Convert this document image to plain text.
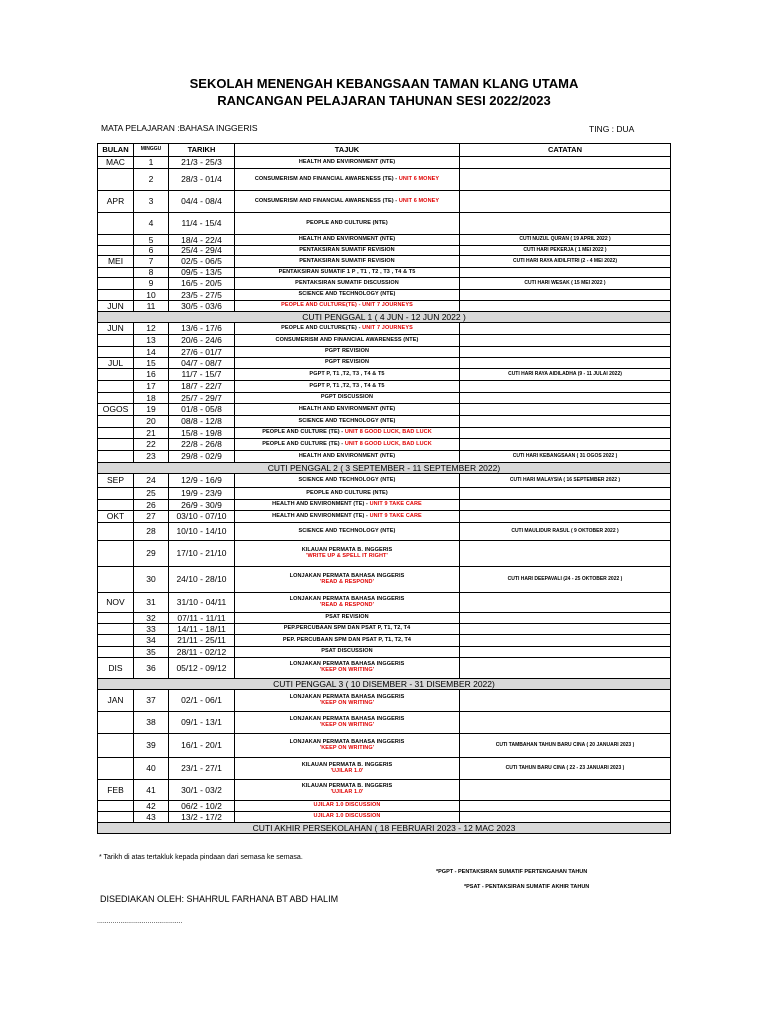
SEKOLAH MENENGAH KEBANGSAAN TAMAN KLANG UTAMA
RANCANGAN PELAJARAN TAHUNAN SESI 2022/2023
MATA PELAJARAN :BAHASA INGGERIS	TING : DUA
BULAN	MINGGU	TARIKH	TAJUK	CATATAN
MAC	1	21/3 - 25/3	HEALTH AND ENVIRONMENT (NTE)	
	2	28/3 - 01/4	CONSUMERISM AND FINANCIAL AWARENESS (TE) - UNIT 6 MONEY	
APR	3	04/4 - 08/4	CONSUMERISM AND FINANCIAL AWARENESS (TE) - UNIT 6 MONEY	
	4	11/4 - 15/4	PEOPLE AND CULTURE (NTE)	
	5	18/4 - 22/4	HEALTH AND ENVIRONMENT (NTE)	CUTI NUZUL QURAN ( 19 APRIL 2022 )
	6	25/4 - 29/4	PENTAKSIRAN SUMATIF REVISION	CUTI HARI PEKERJA ( 1 MEI 2022 )
MEI	7	02/5 - 06/5	PENTAKSIRAN SUMATIF REVISION	CUTI HARI RAYA AIDILFITRI (2 - 4 MEI 2022)
	8	09/5 - 13/5	PENTAKSIRAN SUMATIF 1 P , T1 , T2 , T3 , T4 & T5	
	9	16/5 - 20/5	PENTAKSIRAN SUMATIF DISCUSSION	CUTI HARI WESAK ( 15 MEI 2022 )
	10	23/5 - 27/5	SCIENCE AND TECHNOLOGY (NTE)	
JUN	11	30/5 - 03/6	PEOPLE AND CULTURE(TE) - UNIT 7 JOURNEYS	
CUTI PENGGAL 1 ( 4 JUN - 12 JUN 2022 )				
JUN	12	13/6 - 17/6	PEOPLE AND CULTURE(TE) - UNIT 7 JOURNEYS	
	13	20/6 - 24/6	CONSUMERISM AND FINANCIAL AWARENESS (NTE)	
	14	27/6 - 01/7	PGPT REVISION	
JUL	15	04/7 - 08/7	PGPT REVISION	
	16	11/7 - 15/7	PGPT P, T1 ,T2, T3 , T4 & T5	CUTI HARI RAYA AIDILADHA (9 - 11 JULAI 2022)
	17	18/7 - 22/7	PGPT P, T1 ,T2, T3 , T4 & T5	
	18	25/7 - 29/7	PGPT DISCUSSION	
OGOS	19	01/8 - 05/8	HEALTH AND ENVIRONMENT (NTE)	
	20	08/8 - 12/8	SCIENCE AND TECHNOLOGY (NTE)	
	21	15/8 - 19/8	PEOPLE AND CULTURE (TE) - UNIT 8 GOOD LUCK, BAD LUCK	
	22	22/8 - 26/8	PEOPLE AND CULTURE (TE) - UNIT 8 GOOD LUCK, BAD LUCK	
	23	29/8 - 02/9	HEALTH AND ENVIRONMENT (NTE)	CUTI HARI KEBANGSAAN ( 31 OGOS 2022 )
CUTI PENGGAL 2 ( 3 SEPTEMBER - 11 SEPTEMBER 2022)				
SEP	24	12/9 - 16/9	SCIENCE AND TECHNOLOGY (NTE)	CUTI HARI MALAYSIA ( 16 SEPTEMBER 2022 )
	25	19/9 - 23/9	PEOPLE AND CULTURE (NTE)	
	26	26/9 - 30/9	HEALTH AND ENVIRONMENT (TE) - UNIT 9 TAKE CARE	
OKT	27	03/10 - 07/10	HEALTH AND ENVIRONMENT (TE) - UNIT 9 TAKE CARE	
	28	10/10 - 14/10	SCIENCE AND TECHNOLOGY (NTE)	CUTI MAULIDUR RASUL ( 9 OKTOBER 2022 )
	29	17/10 - 21/10	KILAUAN PERMATA B. INGGERIS
'WRITE UP & SPELL IT RIGHT'	
	30	24/10 - 28/10	LONJAKAN PERMATA BAHASA INGGERIS
'READ & RESPOND'	CUTI HARI DEEPAVALI (24 - 25 OKTOBER 2022 )
NOV	31	31/10 - 04/11	LONJAKAN PERMATA BAHASA INGGERIS
'READ & RESPOND'	
	32	07/11 - 11/11	PSAT REVISION	
	33	14/11 - 18/11	PEP.PERCUBAAN SPM DAN PSAT P, T1, T2, T4	
	34	21/11 - 25/11	PEP. PERCUBAAN SPM DAN PSAT P, T1, T2, T4	
	35	28/11 - 02/12	PSAT DISCUSSION	
DIS	36	05/12 - 09/12	LONJAKAN PERMATA BAHASA INGGERIS
'KEEP ON WRITING'	
CUTI PENGGAL 3 ( 10 DISEMBER - 31 DISEMBER 2022)				
JAN	37	02/1 - 06/1	LONJAKAN PERMATA BAHASA INGGERIS
'KEEP ON WRITING'	
	38	09/1 - 13/1	LONJAKAN PERMATA BAHASA INGGERIS
'KEEP ON WRITING'	
	39	16/1 - 20/1	LONJAKAN PERMATA BAHASA INGGERIS
'KEEP ON WRITING'	CUTI TAMBAHAN TAHUN BARU CINA ( 20 JANUARI 2023 )
	40	23/1 - 27/1	KILAUAN PERMATA B. INGGERIS
'UJILAR 1.0'	CUTI TAHUN BARU CINA ( 22 - 23 JANUARI 2023 )
FEB	41	30/1 - 03/2	KILAUAN PERMATA B. INGGERIS
'UJILAR 1.0'	
	42	06/2 - 10/2	UJILAR 1.0 DISCUSSION	
	43	13/2 - 17/2	UJILAR 1.0 DISCUSSION	
CUTI AKHIR PERSEKOLAHAN ( 18 FEBRUARI 2023 - 12 MAC 2023				
* Tarikh di atas tertakluk kepada pindaan dari semasa ke semasa.
*PGPT - PENTAKSIRAN SUMATIF PERTENGAHAN TAHUN
*PSAT - PENTAKSIRAN SUMATIF AKHIR TAHUN
DISEDIAKAN OLEH: SHAHRUL FARHANA BT ABD HALIM
............................................
